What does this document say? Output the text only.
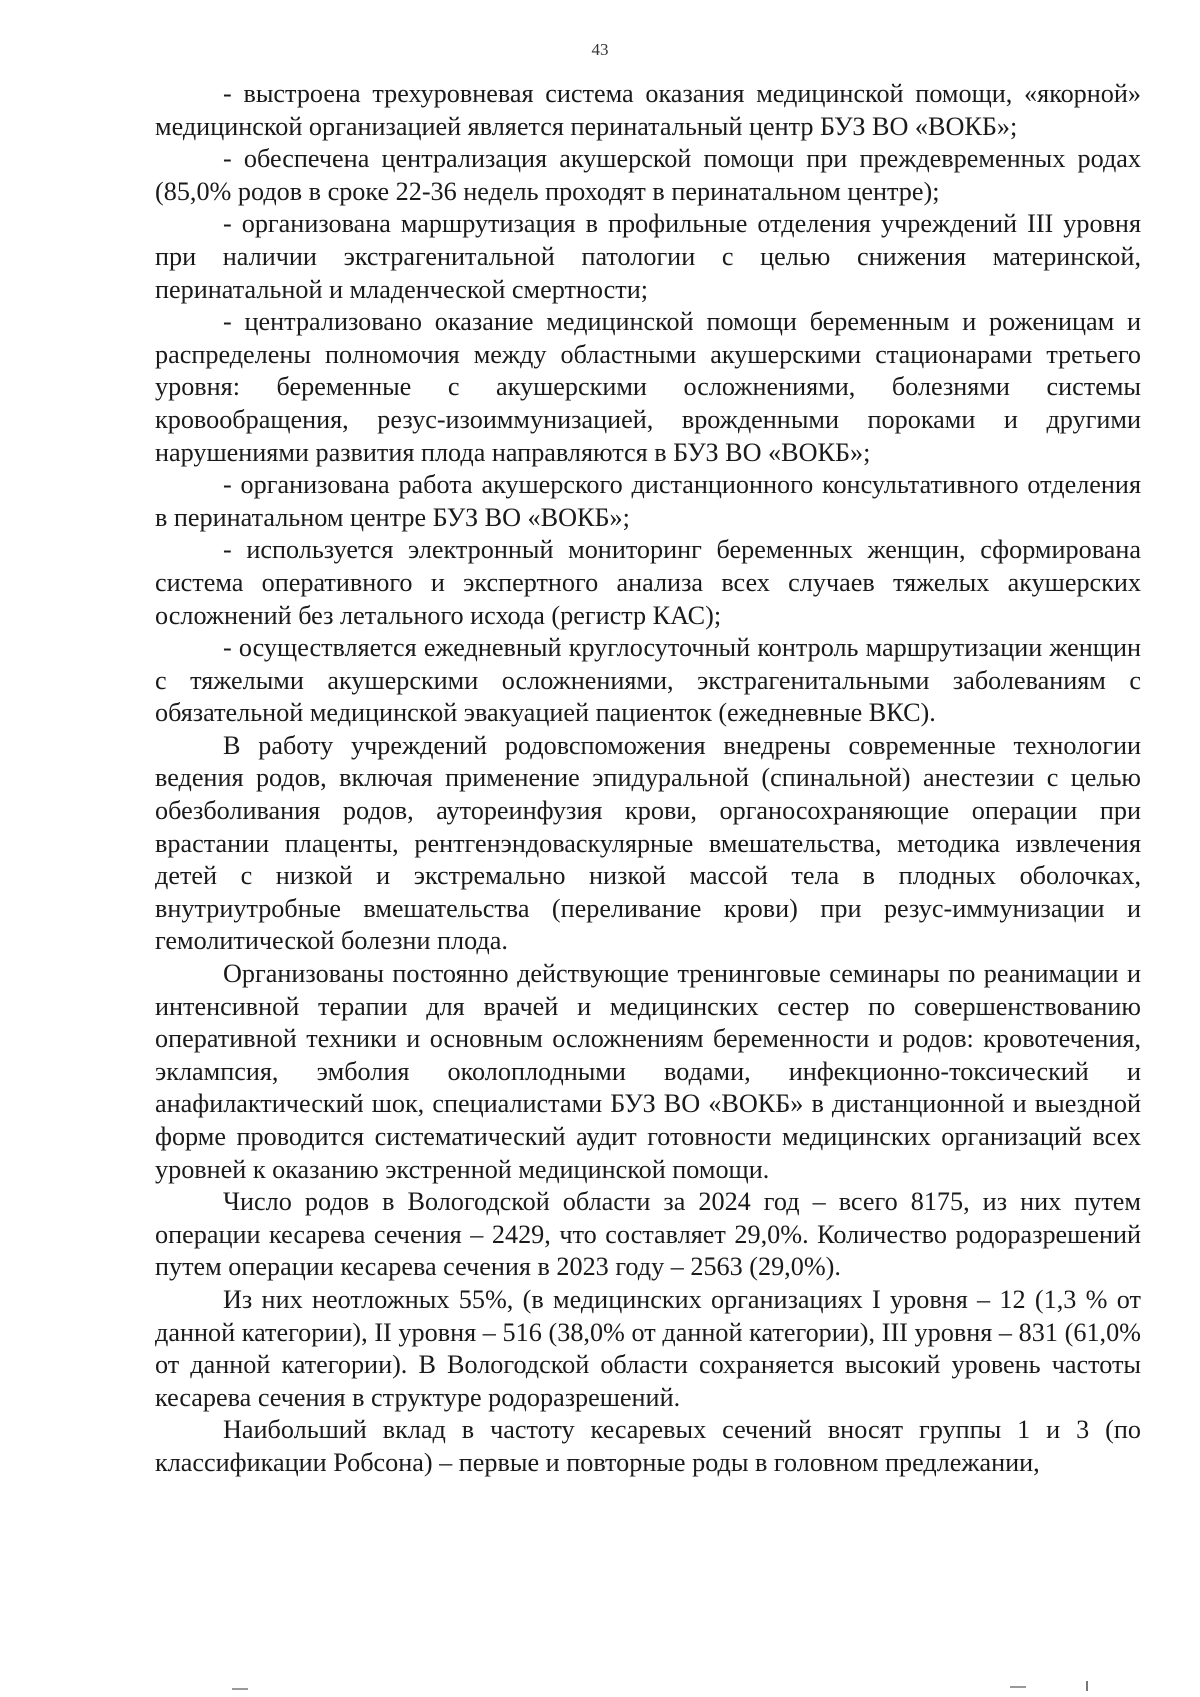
43

- выстроена трехуровневая система оказания медицинской помощи, «якорной» медицинской организацией является перинатальный центр БУЗ ВО «ВОКБ»;

- обеспечена централизация акушерской помощи при преждевременных родах (85,0% родов в сроке 22-36 недель проходят в перинатальном центре);

- организована маршрутизация в профильные отделения учреждений III уровня при наличии экстрагенитальной патологии с целью снижения материнской, перинатальной и младенческой смертности;

- централизовано оказание медицинской помощи беременным и роженицам и распределены полномочия между областными акушерскими стационарами третьего уровня: беременные с акушерскими осложнениями, болезнями системы кровообращения, резус-изоиммунизацией, врожденными пороками и другими нарушениями развития плода направляются в БУЗ ВО «ВОКБ»;

- организована работа акушерского дистанционного консультативного отделения в перинатальном центре БУЗ ВО «ВОКБ»;

- используется электронный мониторинг беременных женщин, сформирована система оперативного и экспертного анализа всех случаев тяжелых акушерских осложнений без летального исхода (регистр КАС);

- осуществляется ежедневный круглосуточный контроль маршрутизации женщин с тяжелыми акушерскими осложнениями, экстрагенитальными заболеваниям с обязательной медицинской эвакуацией пациенток (ежедневные ВКС).

В работу учреждений родовспоможения внедрены современные технологии ведения родов, включая применение эпидуральной (спинальной) анестезии с целью обезболивания родов, аутореинфузия крови, органосохраняющие операции при врастании плаценты, рентгенэндоваскулярные вмешательства, методика извлечения детей с низкой и экстремально низкой массой тела в плодных оболочках, внутриутробные вмешательства (переливание крови) при резус-иммунизации и гемолитической болезни плода.

Организованы постоянно действующие тренинговые семинары по реанимации и интенсивной терапии для врачей и медицинских сестер по совершенствованию оперативной техники и основным осложнениям беременности и родов: кровотечения, эклампсия, эмболия околоплодными водами, инфекционно-токсический и анафилактический шок, специалистами БУЗ ВО «ВОКБ» в дистанционной и выездной форме проводится систематический аудит готовности медицинских организаций всех уровней к оказанию экстренной медицинской помощи.

Число родов в Вологодской области за 2024 год – всего 8175, из них путем операции кесарева сечения – 2429, что составляет 29,0%. Количество родоразрешений путем операции кесарева сечения в 2023 году – 2563 (29,0%).

Из них неотложных 55%, (в медицинских организациях I уровня – 12 (1,3 % от данной категории), II уровня – 516 (38,0% от данной категории), III уровня – 831 (61,0% от данной категории). В Вологодской области сохраняется высокий уровень частоты кесарева сечения в структуре родоразрешений.

Наибольший вклад в частоту кесаревых сечений вносят группы 1 и 3 (по классификации Робсона) – первые и повторные роды в головном предлежании,
